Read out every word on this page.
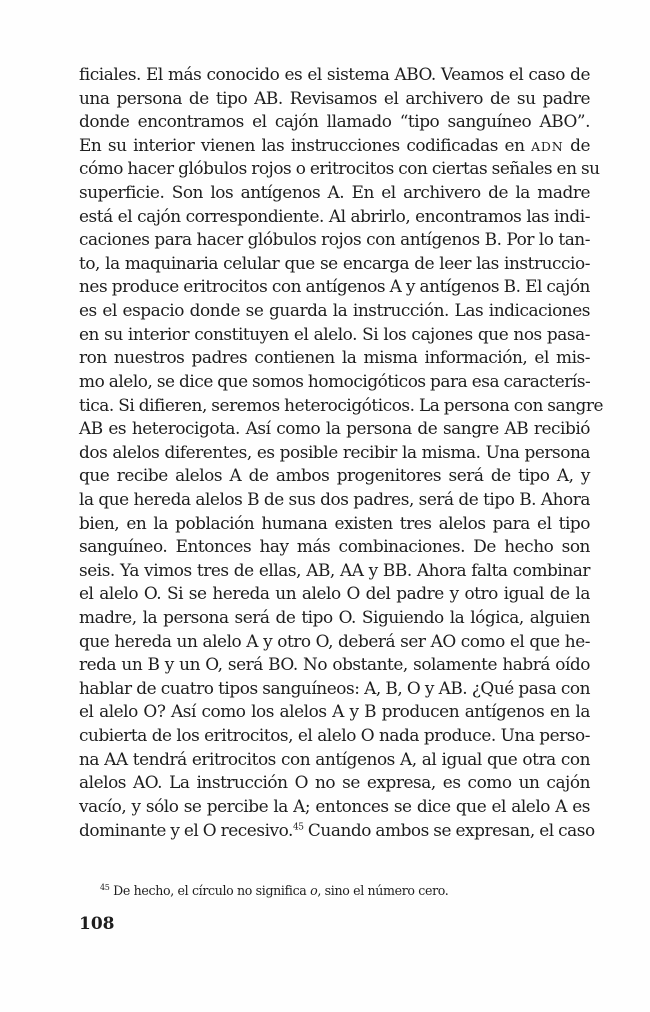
ficiales. El más conocido es el sistema ABO. Veamos el caso de
una persona de tipo AB. Revisamos el archivero de su padre
donde encontramos el cajón llamado “tipo sanguíneo ABO”.
En su interior vienen las instrucciones codificadas en ADN de
cómo hacer glóbulos rojos o eritrocitos con ciertas señales en su
superficie. Son los antígenos A. En el archivero de la madre
está el cajón correspondiente. Al abrirlo, encontramos las indi-
caciones para hacer glóbulos rojos con antígenos B. Por lo tan-
to, la maquinaria celular que se encarga de leer las instruccio-
nes produce eritrocitos con antígenos A y antígenos B. El cajón
es el espacio donde se guarda la instrucción. Las indicaciones
en su interior constituyen el alelo. Si los cajones que nos pasa-
ron nuestros padres contienen la misma información, el mis-
mo alelo, se dice que somos homocigóticos para esa caracterís-
tica. Si difieren, seremos heterocigóticos. La persona con sangre
AB es heterocigota. Así como la persona de sangre AB recibió
dos alelos diferentes, es posible recibir la misma. Una persona
que recibe alelos A de ambos progenitores será de tipo A, y
la que hereda alelos B de sus dos padres, será de tipo B. Ahora
bien, en la población humana existen tres alelos para el tipo
sanguíneo. Entonces hay más combinaciones. De hecho son
seis. Ya vimos tres de ellas, AB, AA y BB. Ahora falta combinar
el alelo O. Si se hereda un alelo O del padre y otro igual de la
madre, la persona será de tipo O. Siguiendo la lógica, alguien
que hereda un alelo A y otro O, deberá ser AO como el que he-
reda un B y un O, será BO. No obstante, solamente habrá oído
hablar de cuatro tipos sanguíneos: A, B, O y AB. ¿Qué pasa con
el alelo O? Así como los alelos A y B producen antígenos en la
cubierta de los eritrocitos, el alelo O nada produce. Una perso-
na AA tendrá eritrocitos con antígenos A, al igual que otra con
alelos AO. La instrucción O no se expresa, es como un cajón
vacío, y sólo se percibe la A; entonces se dice que el alelo A es
dominante y el O recesivo.$^{45}$ Cuando ambos se expresan, el caso

$^{45}$ De hecho, el círculo no significa o, sino el número cero.

108
